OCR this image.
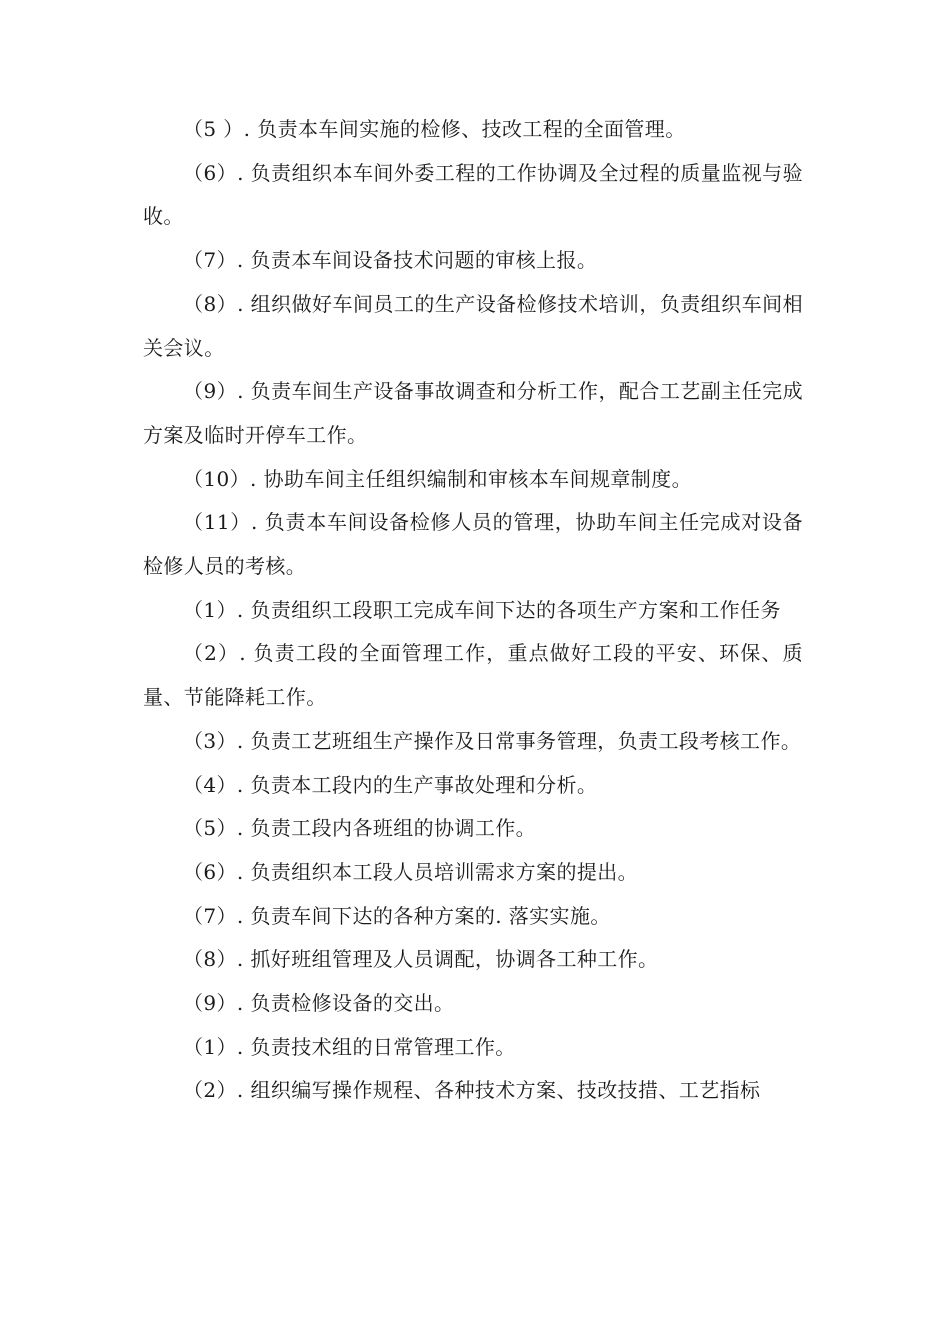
（5 ）. 负责本车间实施的检修、技改工程的全面管理。

（6）. 负责组织本车间外委工程的工作协调及全过程的质量监视与验收。

（7）. 负责本车间设备技术问题的审核上报。

（8）. 组织做好车间员工的生产设备检修技术培训，负责组织车间相关会议。

（9）. 负责车间生产设备事故调查和分析工作，配合工艺副主任完成方案及临时开停车工作。

（10）. 协助车间主任组织编制和审核本车间规章制度。

（11）. 负责本车间设备检修人员的管理，协助车间主任完成对设备检修人员的考核。

（1）. 负责组织工段职工完成车间下达的各项生产方案和工作任务

（2）. 负责工段的全面管理工作，重点做好工段的平安、环保、质量、节能降耗工作。

（3）. 负责工艺班组生产操作及日常事务管理，负责工段考核工作。

（4）. 负责本工段内的生产事故处理和分析。

（5）. 负责工段内各班组的协调工作。

（6）. 负责组织本工段人员培训需求方案的提出。

（7）. 负责车间下达的各种方案的. 落实实施。

（8）. 抓好班组管理及人员调配，协调各工种工作。

（9）. 负责检修设备的交出。

（1）. 负责技术组的日常管理工作。

（2）. 组织编写操作规程、各种技术方案、技改技措、工艺指标
